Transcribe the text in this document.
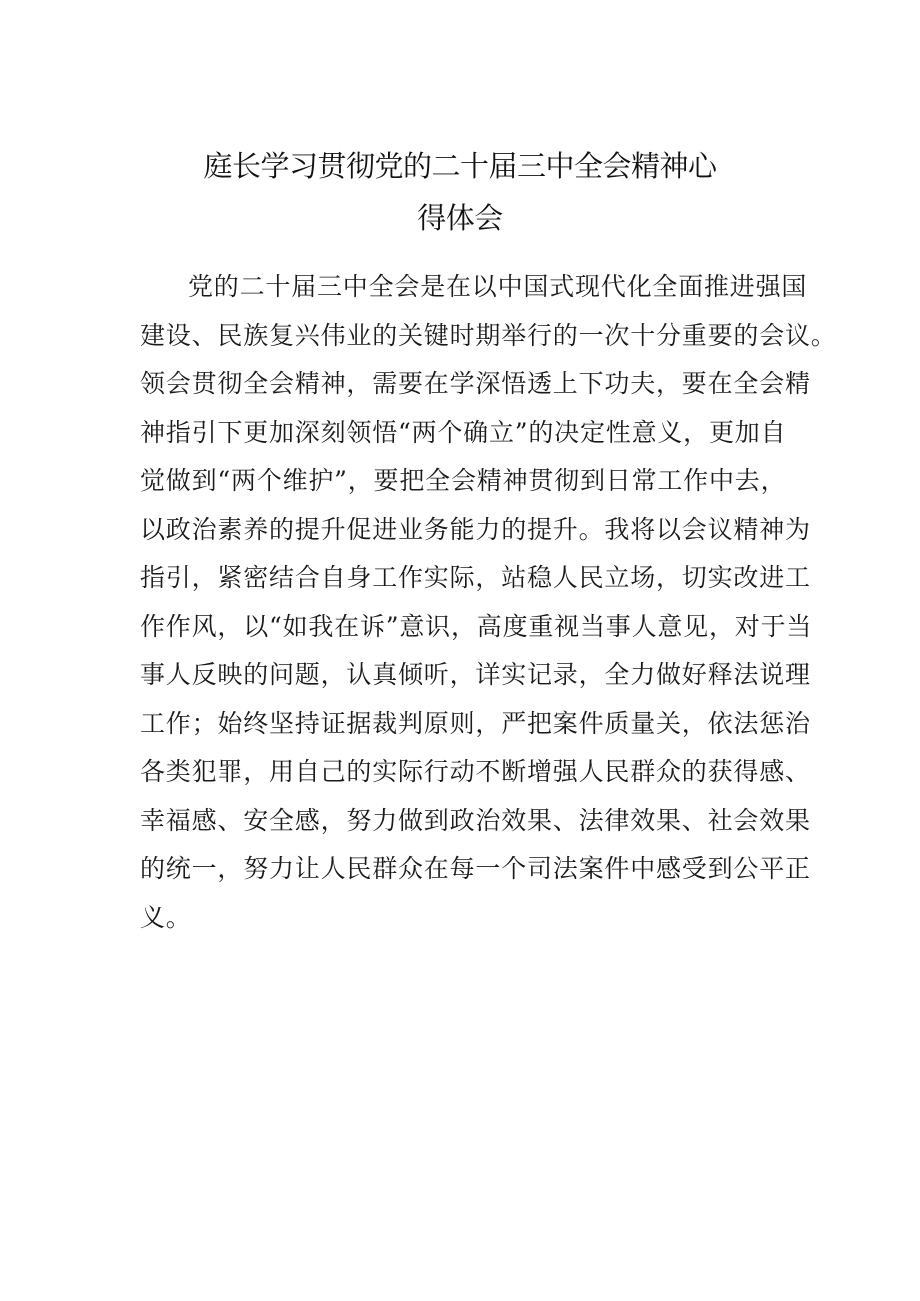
庭长学习贯彻党的二十届三中全会精神心
得体会
党的二十届三中全会是在以中国式现代化全面推进强国
建设、民族复兴伟业的关键时期举行的一次十分重要的会议。
领会贯彻全会精神，需要在学深悟透上下功夫，要在全会精
神指引下更加深刻领悟“两个确立”的决定性意义，更加自
觉做到“两个维护”，要把全会精神贯彻到日常工作中去，
以政治素养的提升促进业务能力的提升。我将以会议精神为
指引，紧密结合自身工作实际，站稳人民立场，切实改进工
作作风，以“如我在诉”意识，高度重视当事人意见，对于当
事人反映的问题，认真倾听，详实记录，全力做好释法说理
工作；始终坚持证据裁判原则，严把案件质量关，依法惩治
各类犯罪，用自己的实际行动不断增强人民群众的获得感、
幸福感、安全感，努力做到政治效果、法律效果、社会效果
的统一，努力让人民群众在每一个司法案件中感受到公平正
义。
